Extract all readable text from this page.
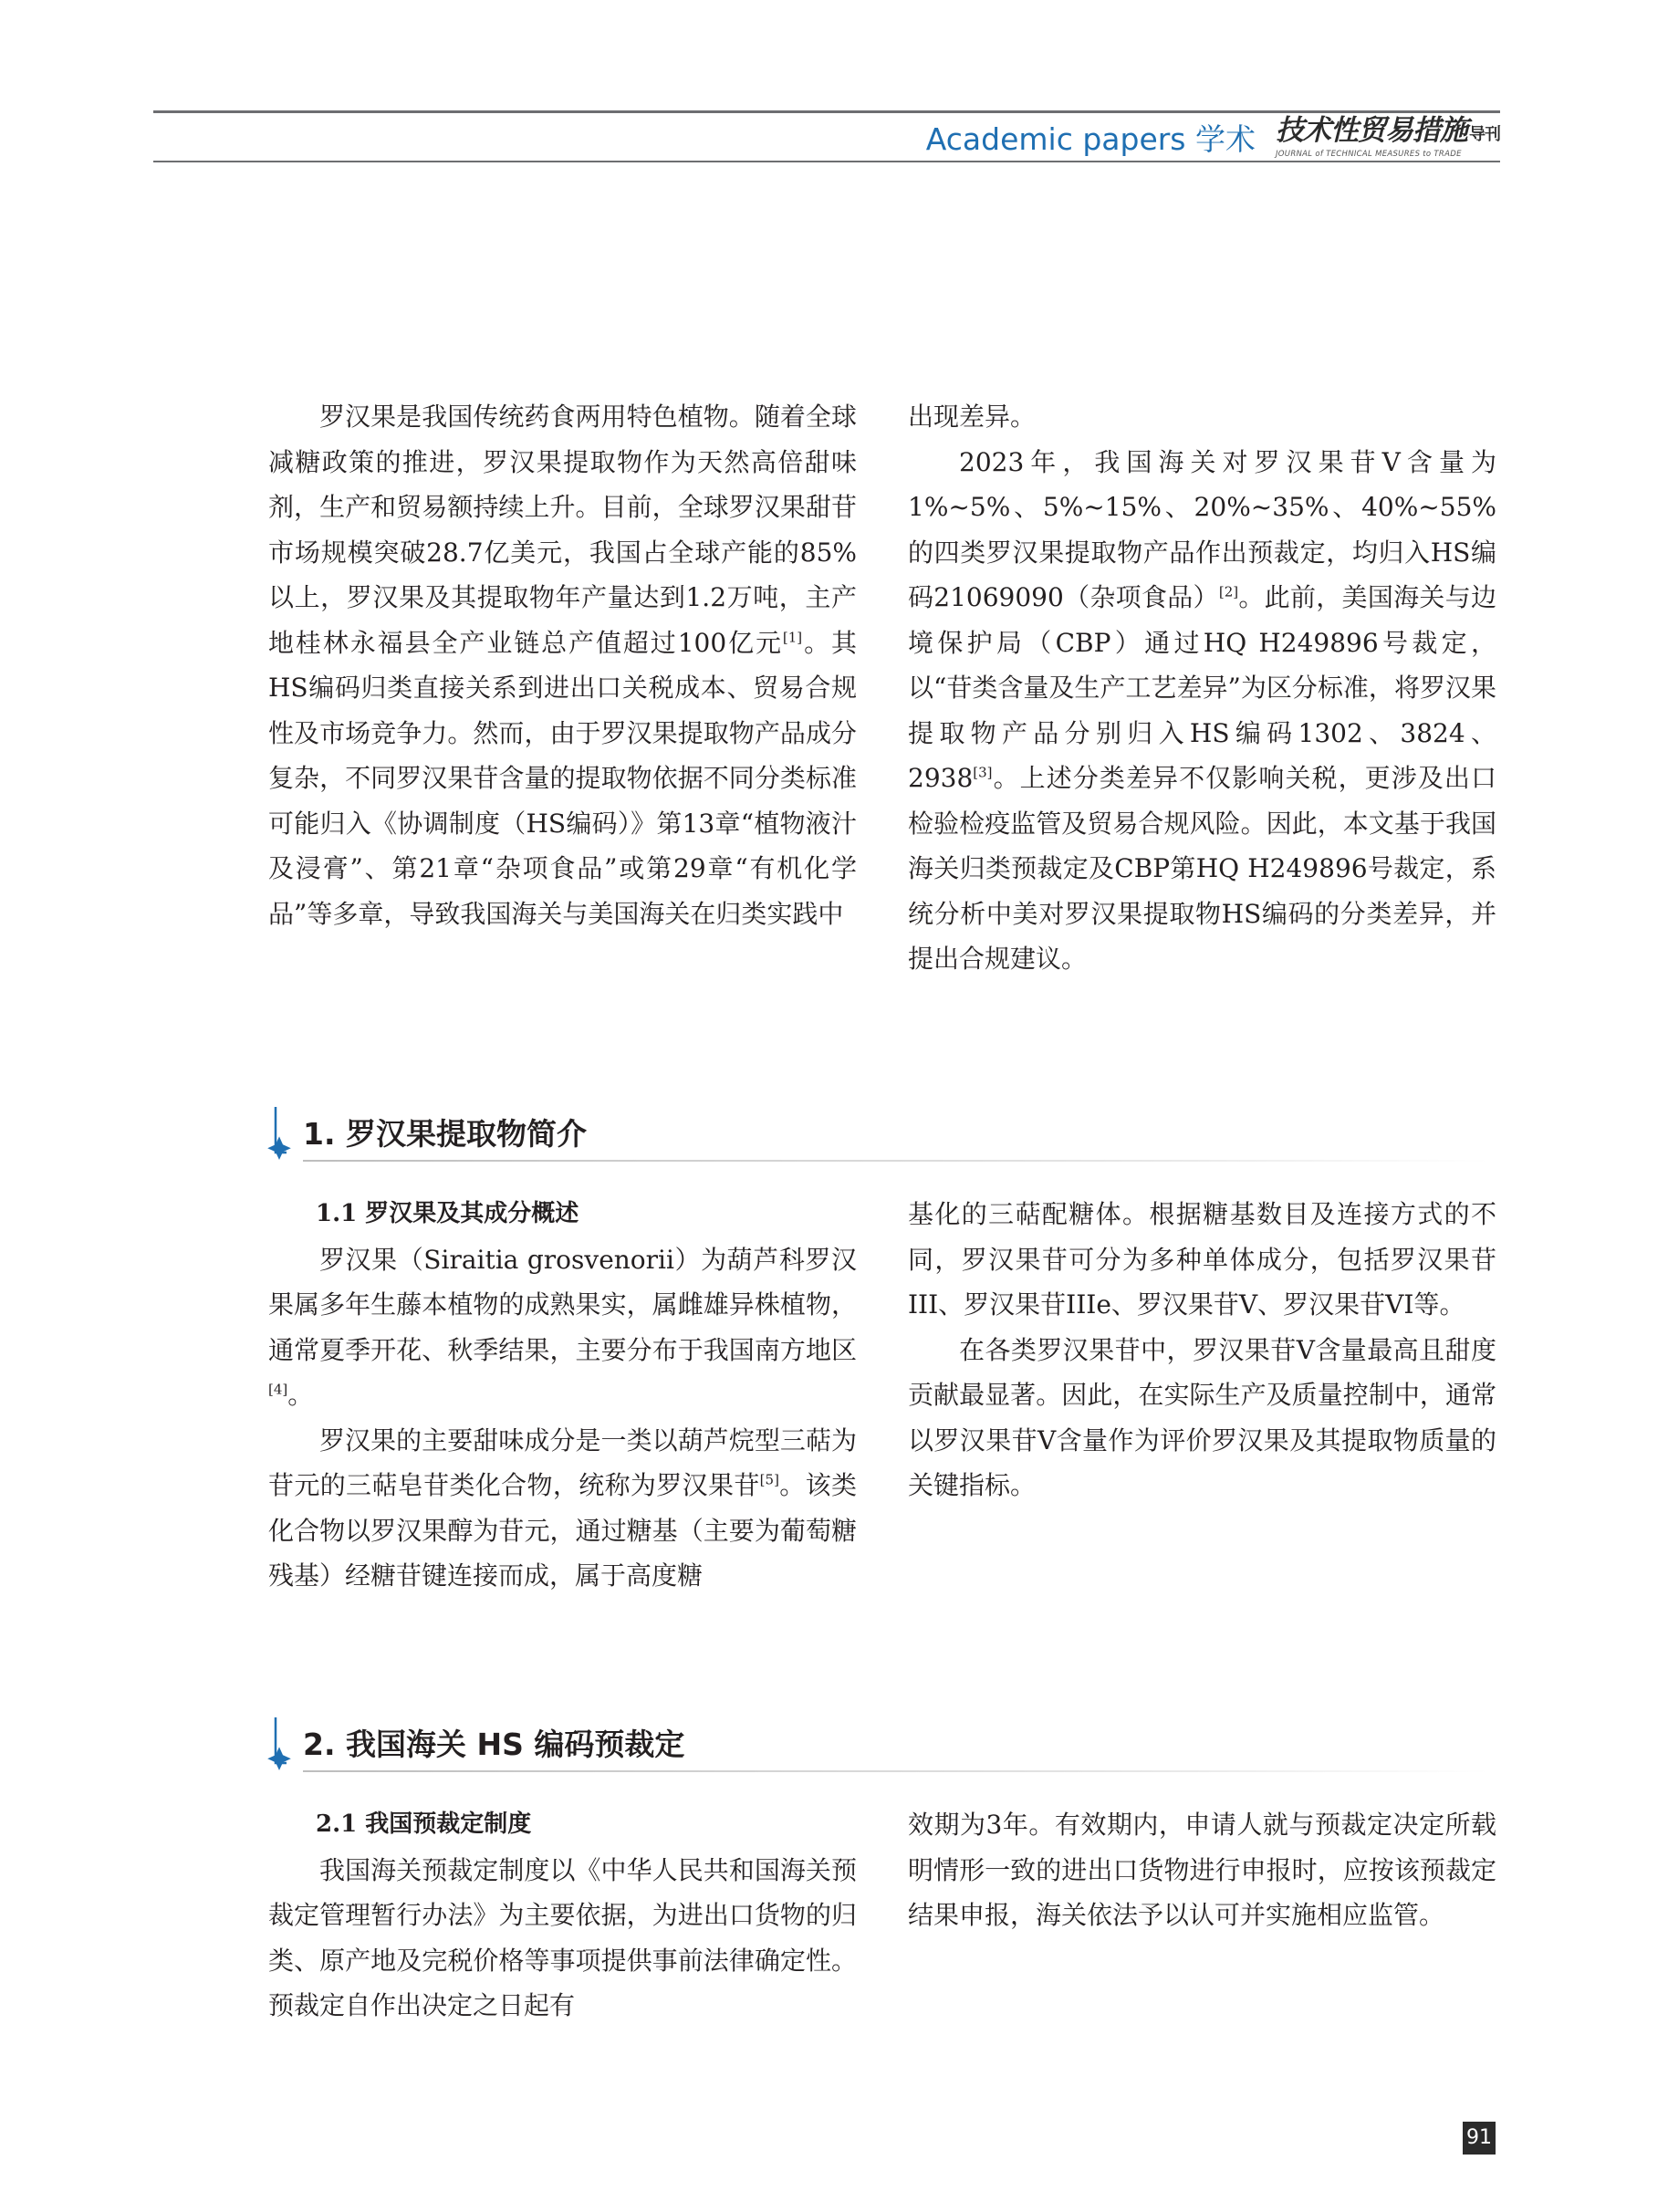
Academic papers 学术 技术性贸易措施 导刊
JOURNAL of TECHNICAL MEASURES to TRADE

罗汉果是我国传统药食两用特色植物。随着全球减糖政策的推进，罗汉果提取物作为天然高倍甜味剂，生产和贸易额持续上升。目前，全球罗汉果甜苷市场规模突破28.7亿美元，我国占全球产能的85%以上，罗汉果及其提取物年产量达到1.2万吨，主产地桂林永福县全产业链总产值超过100亿元[1]。其HS编码归类直接关系到进出口关税成本、贸易合规性及市场竞争力。然而，由于罗汉果提取物产品成分复杂，不同罗汉果苷含量的提取物依据不同分类标准可能归入《协调制度（HS编码）》第13章“植物液汁及浸膏”、第21章“杂项食品”或第29章“有机化学品”等多章，导致我国海关与美国海关在归类实践中

出现差异。

2023年，我国海关对罗汉果苷V含量为1%~5%、5%~15%、20%~35%、40%~55%的四类罗汉果提取物产品作出预裁定，均归入HS编码21069090（杂项食品）[2]。此前，美国海关与边境保护局（CBP）通过HQ H249896号裁定，以“苷类含量及生产工艺差异”为区分标准，将罗汉果提取物产品分别归入HS编码1302、3824、2938[3]。上述分类差异不仅影响关税，更涉及出口检验检疫监管及贸易合规风险。因此，本文基于我国海关归类预裁定及CBP第HQ H249896号裁定，系统分析中美对罗汉果提取物HS编码的分类差异，并提出合规建议。

1. 罗汉果提取物简介

1.1 罗汉果及其成分概述

罗汉果（Siraitia grosvenorii）为葫芦科罗汉果属多年生藤本植物的成熟果实，属雌雄异株植物，通常夏季开花、秋季结果，主要分布于我国南方地区[4]。

罗汉果的主要甜味成分是一类以葫芦烷型三萜为苷元的三萜皂苷类化合物，统称为罗汉果苷[5]。该类化合物以罗汉果醇为苷元，通过糖基（主要为葡萄糖残基）经糖苷键连接而成，属于高度糖

基化的三萜配糖体。根据糖基数目及连接方式的不同，罗汉果苷可分为多种单体成分，包括罗汉果苷III、罗汉果苷IIIe、罗汉果苷V、罗汉果苷VI等。

在各类罗汉果苷中，罗汉果苷V含量最高且甜度贡献最显著。因此，在实际生产及质量控制中，通常以罗汉果苷V含量作为评价罗汉果及其提取物质量的关键指标。

2. 我国海关 HS 编码预裁定

2.1 我国预裁定制度

我国海关预裁定制度以《中华人民共和国海关预裁定管理暂行办法》为主要依据，为进出口货物的归类、原产地及完税价格等事项提供事前法律确定性。预裁定自作出决定之日起有

效期为3年。有效期内，申请人就与预裁定决定所载明情形一致的进出口货物进行申报时，应按该预裁定结果申报，海关依法予以认可并实施相应监管。

91
